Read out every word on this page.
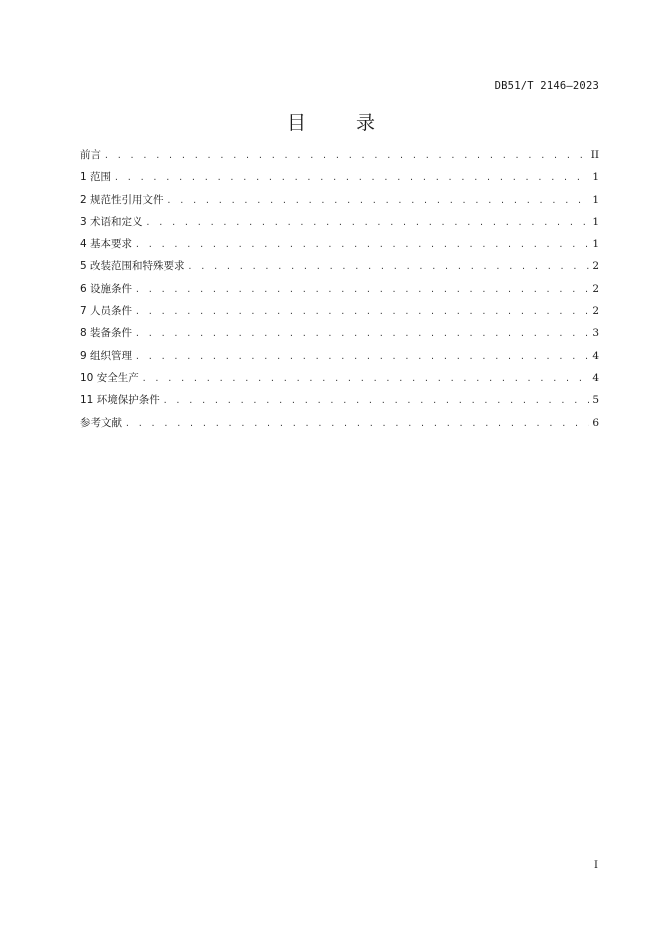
DB51/T 2146—2023
目 录
前言 . . .	II
1 范围 . . .	1
2 规范性引用文件 . . .	1
3 术语和定义 . . .	1
4 基本要求 . . .	1
5 改装范围和特殊要求 . . .	2
6 设施条件 . . .	2
7 人员条件 . . .	2
8 装备条件 . . .	3
9 组织管理 . . .	4
10 安全生产 . . .	4
11 环境保护条件 . . .	5
参考文献 . . .	6
I
